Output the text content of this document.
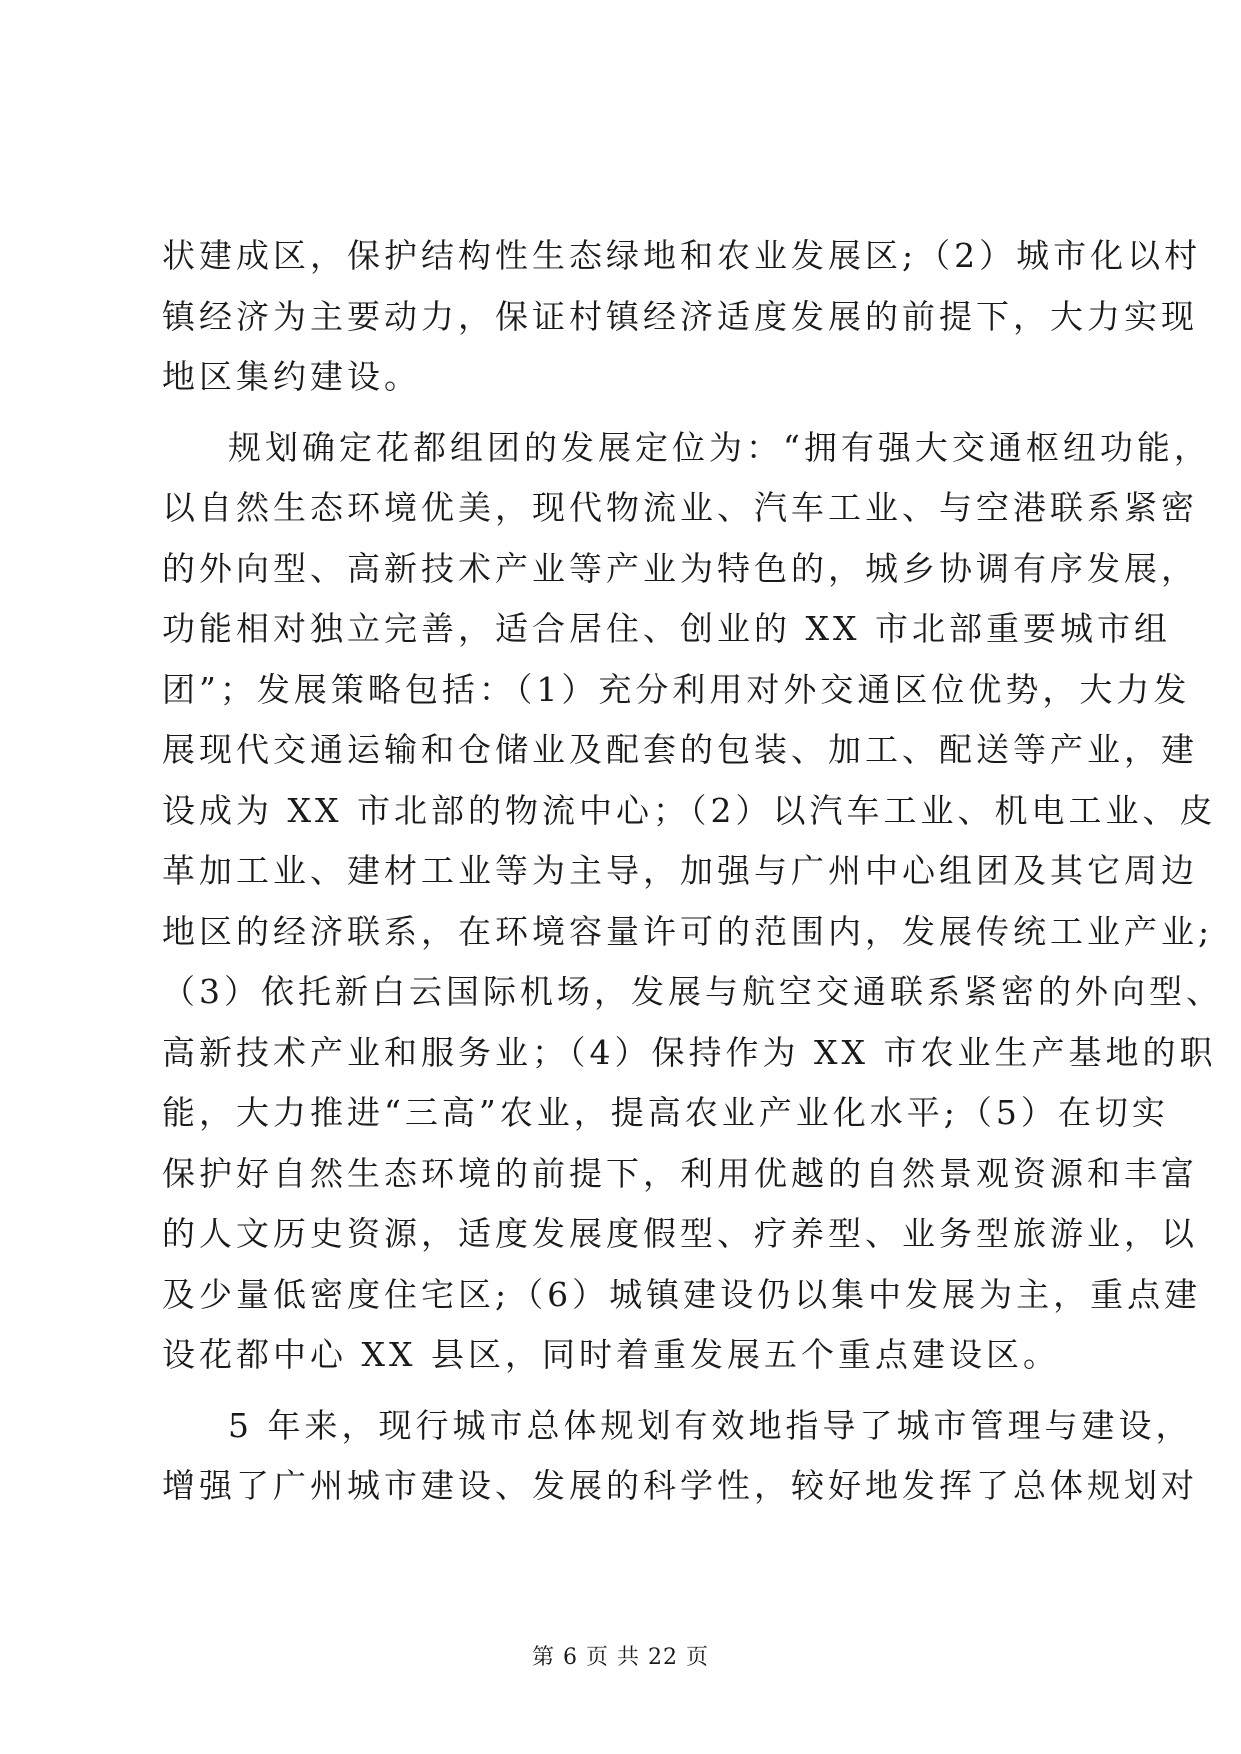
状建成区，保护结构性生态绿地和农业发展区;（2）城市化以村
镇经济为主要动力，保证村镇经济适度发展的前提下，大力实现
地区集约建设。
规划确定花都组团的发展定位为：“拥有强大交通枢纽功能，
以自然生态环境优美，现代物流业、汽车工业、与空港联系紧密
的外向型、高新技术产业等产业为特色的，城乡协调有序发展，
功能相对独立完善，适合居住、创业的 XX 市北部重要城市组
团”；发展策略包括：（1）充分利用对外交通区位优势，大力发
展现代交通运输和仓储业及配套的包装、加工、配送等产业，建
设成为 XX 市北部的物流中心；（2）以汽车工业、机电工业、皮
革加工业、建材工业等为主导，加强与广州中心组团及其它周边
地区的经济联系，在环境容量许可的范围内，发展传统工业产业;
（3）依托新白云国际机场，发展与航空交通联系紧密的外向型、
高新技术产业和服务业；（4）保持作为 XX 市农业生产基地的职
能，大力推进“三高”农业，提高农业产业化水平;（5）在切实
保护好自然生态环境的前提下，利用优越的自然景观资源和丰富
的人文历史资源，适度发展度假型、疗养型、业务型旅游业，以
及少量低密度住宅区;（6）城镇建设仍以集中发展为主，重点建
设花都中心 XX 县区，同时着重发展五个重点建设区。
5 年来，现行城市总体规划有效地指导了城市管理与建设，
增强了广州城市建设、发展的科学性，较好地发挥了总体规划对
第 6 页 共 22 页
